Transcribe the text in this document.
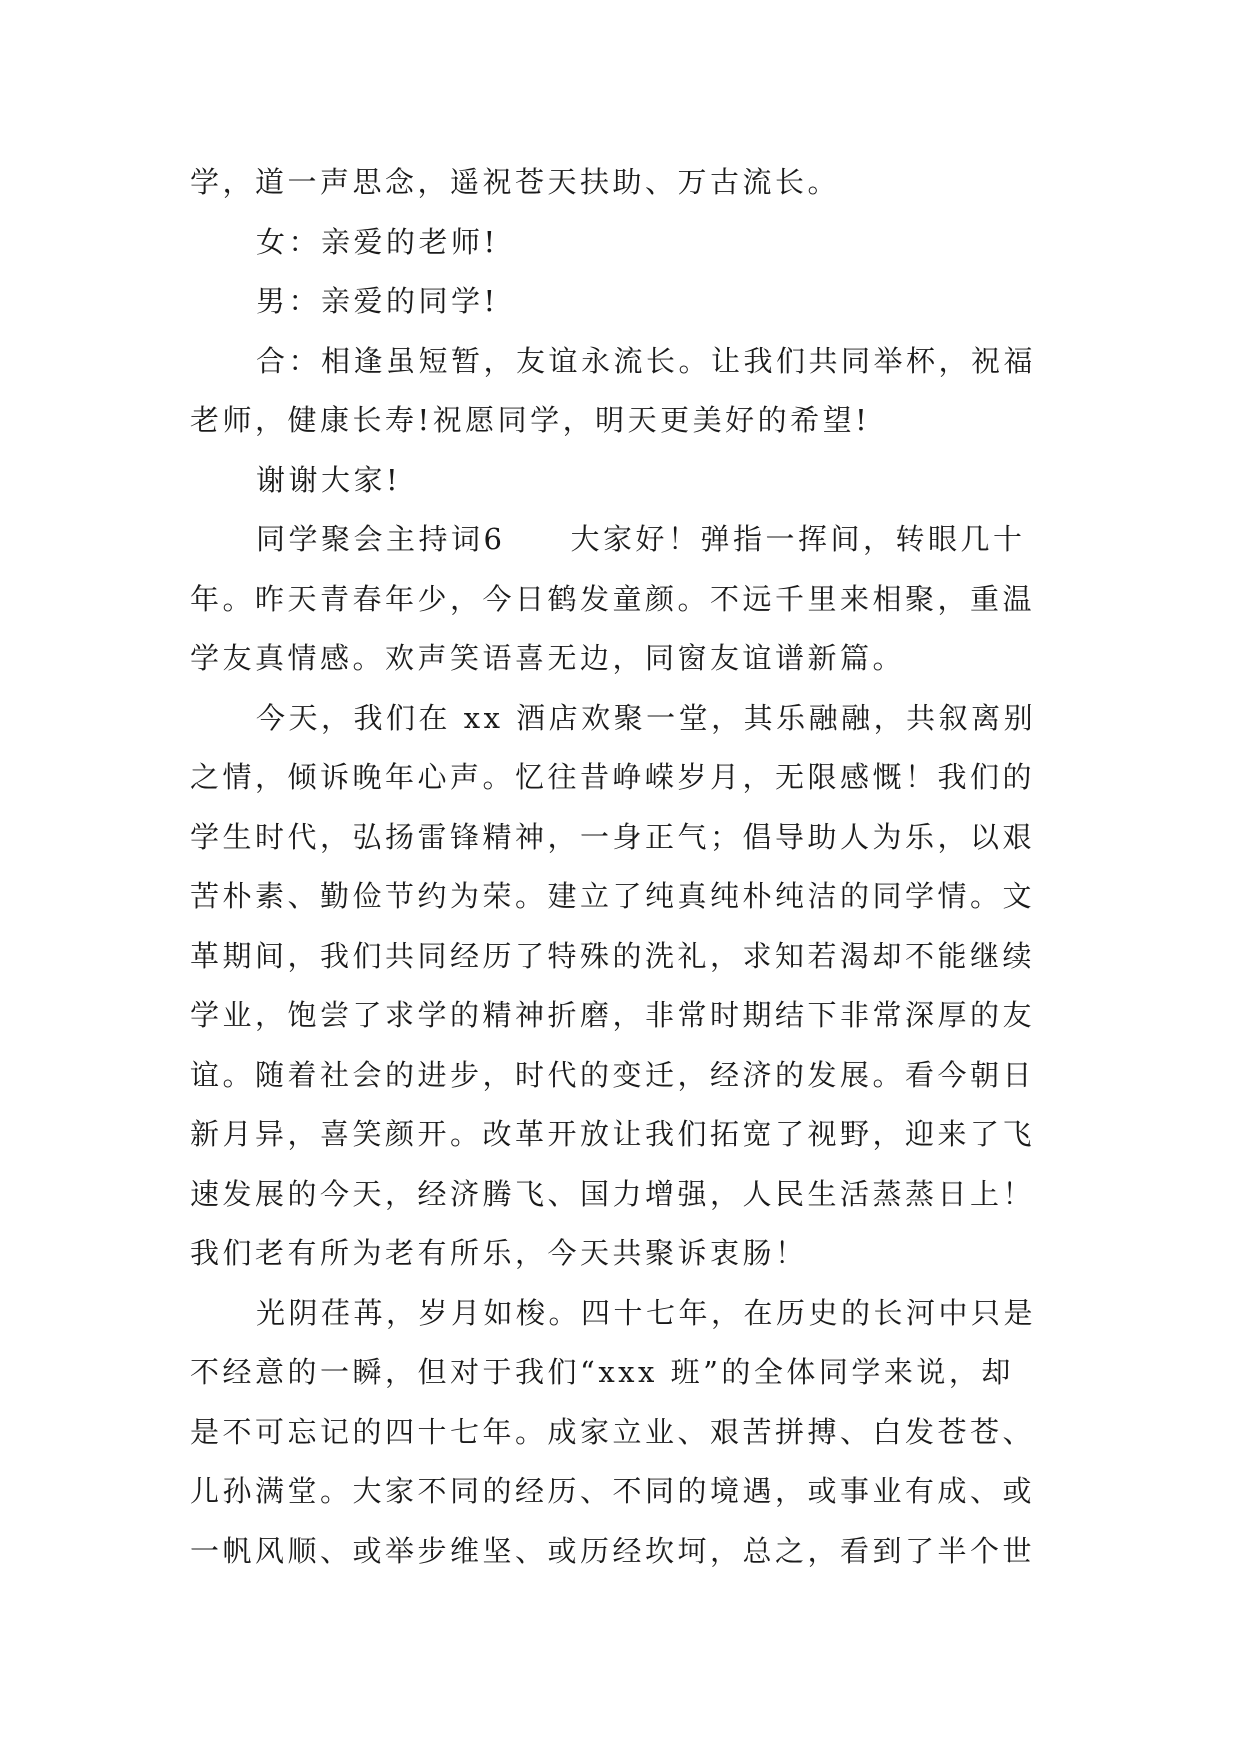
学，道一声思念，遥祝苍天扶助、万古流长。
女：亲爱的老师!
男：亲爱的同学!
合：相逢虽短暂，友谊永流长。让我们共同举杯，祝福
老师，健康长寿!祝愿同学，明天更美好的希望!
谢谢大家!
同学聚会主持词6　　大家好！弹指一挥间，转眼几十
年。昨天青春年少，今日鹤发童颜。不远千里来相聚，重温
学友真情感。欢声笑语喜无边，同窗友谊谱新篇。
今天，我们在 xx 酒店欢聚一堂，其乐融融，共叙离别
之情，倾诉晚年心声。忆往昔峥嵘岁月，无限感慨！我们的
学生时代，弘扬雷锋精神，一身正气；倡导助人为乐，以艰
苦朴素、勤俭节约为荣。建立了纯真纯朴纯洁的同学情。文
革期间，我们共同经历了特殊的洗礼，求知若渴却不能继续
学业，饱尝了求学的精神折磨，非常时期结下非常深厚的友
谊。随着社会的进步，时代的变迁，经济的发展。看今朝日
新月异，喜笑颜开。改革开放让我们拓宽了视野，迎来了飞
速发展的今天，经济腾飞、国力增强，人民生活蒸蒸日上！
我们老有所为老有所乐，今天共聚诉衷肠！
光阴荏苒，岁月如梭。四十七年，在历史的长河中只是
不经意的一瞬，但对于我们“xxx 班”的全体同学来说，却
是不可忘记的四十七年。成家立业、艰苦拼搏、白发苍苍、
儿孙满堂。大家不同的经历、不同的境遇，或事业有成、或
一帆风顺、或举步维坚、或历经坎坷，总之，看到了半个世
